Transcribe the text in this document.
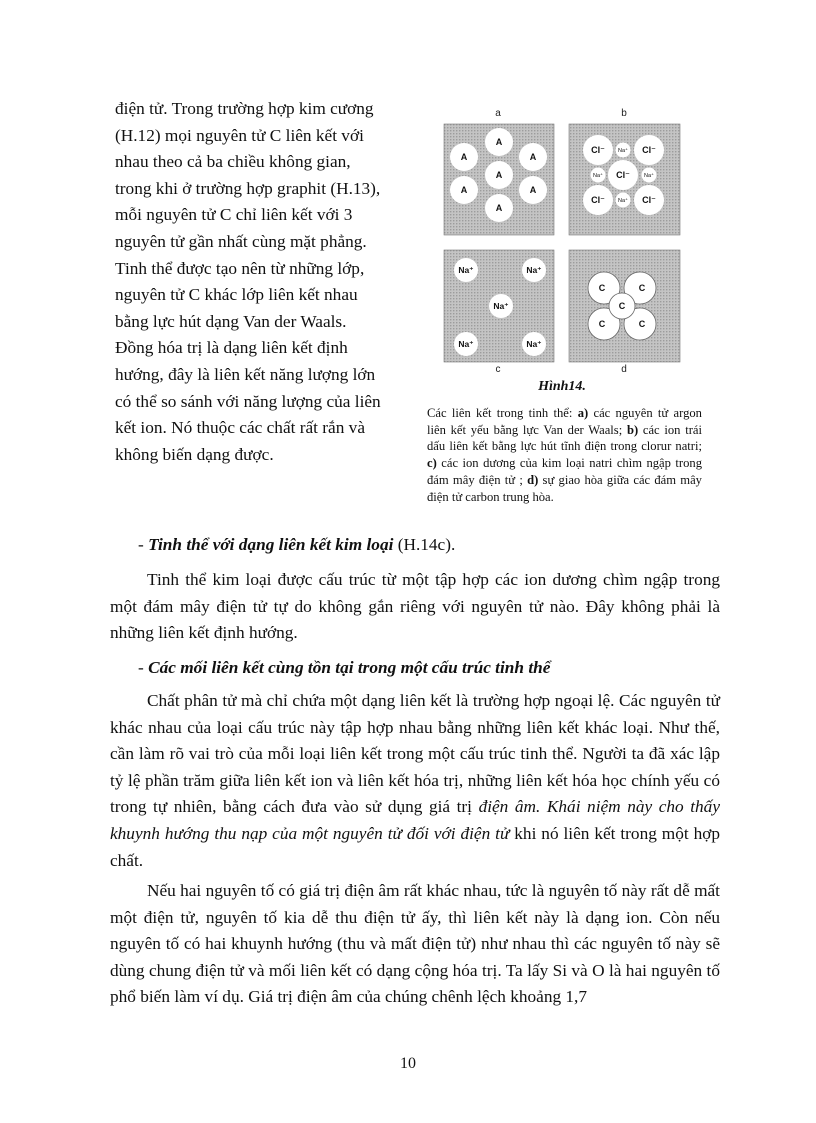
điện tử. Trong trường hợp kim cương
(H.12) mọi nguyên tử C liên kết với
nhau theo cả ba chiều không gian,
trong khi ở trường hợp graphit (H.13),
mỗi nguyên tử C chỉ liên kết với 3
nguyên tử gần nhất cùng mặt phẳng.
Tinh thể được tạo nên từ những lớp,
nguyên tử C khác lớp liên kết nhau
bằng lực hút dạng Van der Waals.
Đồng hóa trị là dạng liên kết định
hướng, đây là liên kết năng lượng lớn
có thể so sánh với năng lượng của liên
kết ion. Nó thuộc các chất rất rắn và
không biến dạng được.
a	b
c	d
A
A	A
A
A	A
A
Cl⁻	Cl⁻
Cl⁻
Cl⁻	Cl⁻
Na⁺
Na⁺	Na⁺
Na⁺
Na⁺	Na⁺
Na⁺
Na⁺	Na⁺
C	C
C
C	C
Hình14.
Các liên kết trong tinh thể: a) các nguyên tử argon liên kết yếu bằng lực Van der Waals; b) các ion trái dấu liên kết bằng lực hút tĩnh điện trong clorur natri; c) các ion dương của kim loại natri chìm ngập trong đám mây điện tử ; d) sự giao hòa giữa các đám mây điện tử carbon trung hòa.
- Tinh thể với dạng liên kết kim loại (H.14c).
Tinh thể kim loại được cấu trúc từ một tập hợp các ion dương chìm ngập trong một đám mây điện tử tự do không gắn riêng với nguyên tử nào. Đây không phải là những liên kết định hướng.
- Các mối liên kết cùng tồn tại trong một cấu trúc tinh thể
Chất phân tử mà chỉ chứa một dạng liên kết là trường hợp ngoại lệ. Các nguyên tử khác nhau của loại cấu trúc này tập hợp nhau bằng những liên kết khác loại. Như thế, cần làm rõ vai trò của mỗi loại liên kết trong một cấu trúc tinh thể. Người ta đã xác lập tỷ lệ phần trăm giữa liên kết ion và liên kết hóa trị, những liên kết hóa học chính yếu có trong tự nhiên, bằng cách đưa vào sử dụng giá trị điện âm. Khái niệm này cho thấy khuynh hướng thu nạp của một nguyên tử đối với điện tử khi nó liên kết trong một hợp chất.
Nếu hai nguyên tố có giá trị điện âm rất khác nhau, tức là nguyên tố này rất dễ mất một điện tử, nguyên tố kia dễ thu điện tử ấy, thì liên kết này là dạng ion. Còn nếu nguyên tố có hai khuynh hướng (thu và mất điện tử) như nhau thì các nguyên tố này sẽ dùng chung điện tử và mối liên kết có dạng cộng hóa trị. Ta lấy Si và O là hai nguyên tố phổ biến làm ví dụ. Giá trị điện âm của chúng chênh lệch khoảng 1,7
10
